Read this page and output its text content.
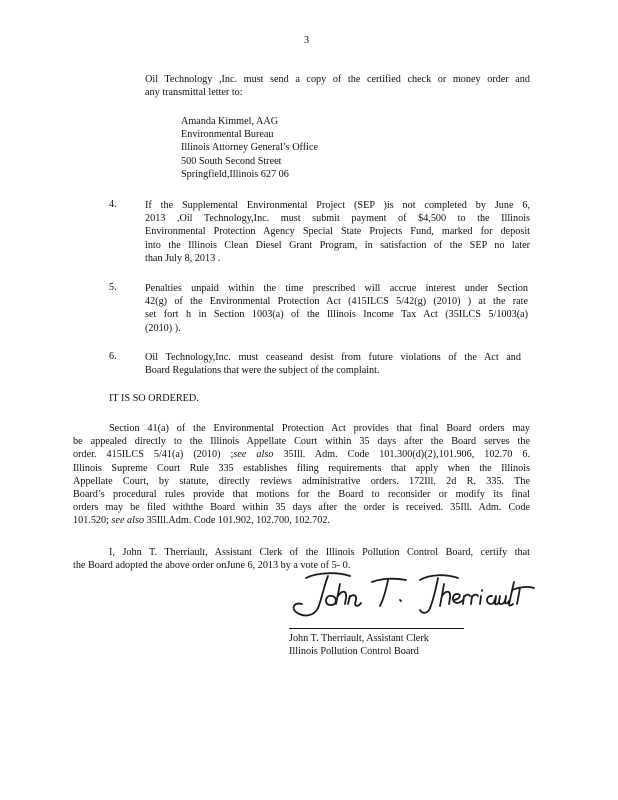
3
Oil Technology ,Inc. must send a copy of the certified check or money order and
any transmittal letter to:
Amanda Kimmel, AAG
Environmental Bureau
Illinois Attorney General’s Office
500 South Second Street
Springfield,Illinois 627 06
4.	If the Supplemental Environmental Project (SEP )is not completed by June 6,
2013 ,Oil Technology,Inc. must submit payment of $4,500 to the Illinois
Environmental Protection Agency Special State Projects Fund, marked for deposit
into the Illinois Clean Diesel Grant Program, in satisfaction of the SEP no later
than July 8, 2013 .
5.	Penalties unpaid within the time prescribed will accrue interest under Section
42(g) of the Environmental Protection Act (415ILCS 5/42(g) (2010) ) at the rate
set fort h in Section 1003(a) of the Illinois Income Tax Act (35ILCS 5/1003(a)
(2010) ).
6.	Oil Technology,Inc. must ceaseand desist from future violations of the Act and
Board Regulations that were the subject of the complaint.
IT IS SO ORDERED.
Section 41(a) of the Environmental Protection Act provides that final Board orders may
be appealed directly to the Illinois Appellate Court within 35 days after the Board serves the
order. 415ILCS 5/41(a) (2010) ;see also 35Ill. Adm. Code 101.300(d)(2),101.906, 102.70 6.
Illinois Supreme Court Rule 335 establishes filing requirements that apply when the Illinois
Appellate Court, by statute, directly reviews administrative orders. 172Ill. 2d R. 335. The
Board’s procedural rules provide that motions for the Board to reconsider or modify its final
orders may be filed withthe Board within 35 days after the order is received. 35Ill. Adm. Code
101.520; see also 35Ill.Adm. Code 101.902, 102.700, 102.702.
I, John T. Therriault, Assistant Clerk of the Illinois Pollution Control Board, certify that
the Board adopted the above order onJune 6, 2013 by a vote of 5- 0.
John T. Therriault, Assistant Clerk
Illinois Pollution Control Board
